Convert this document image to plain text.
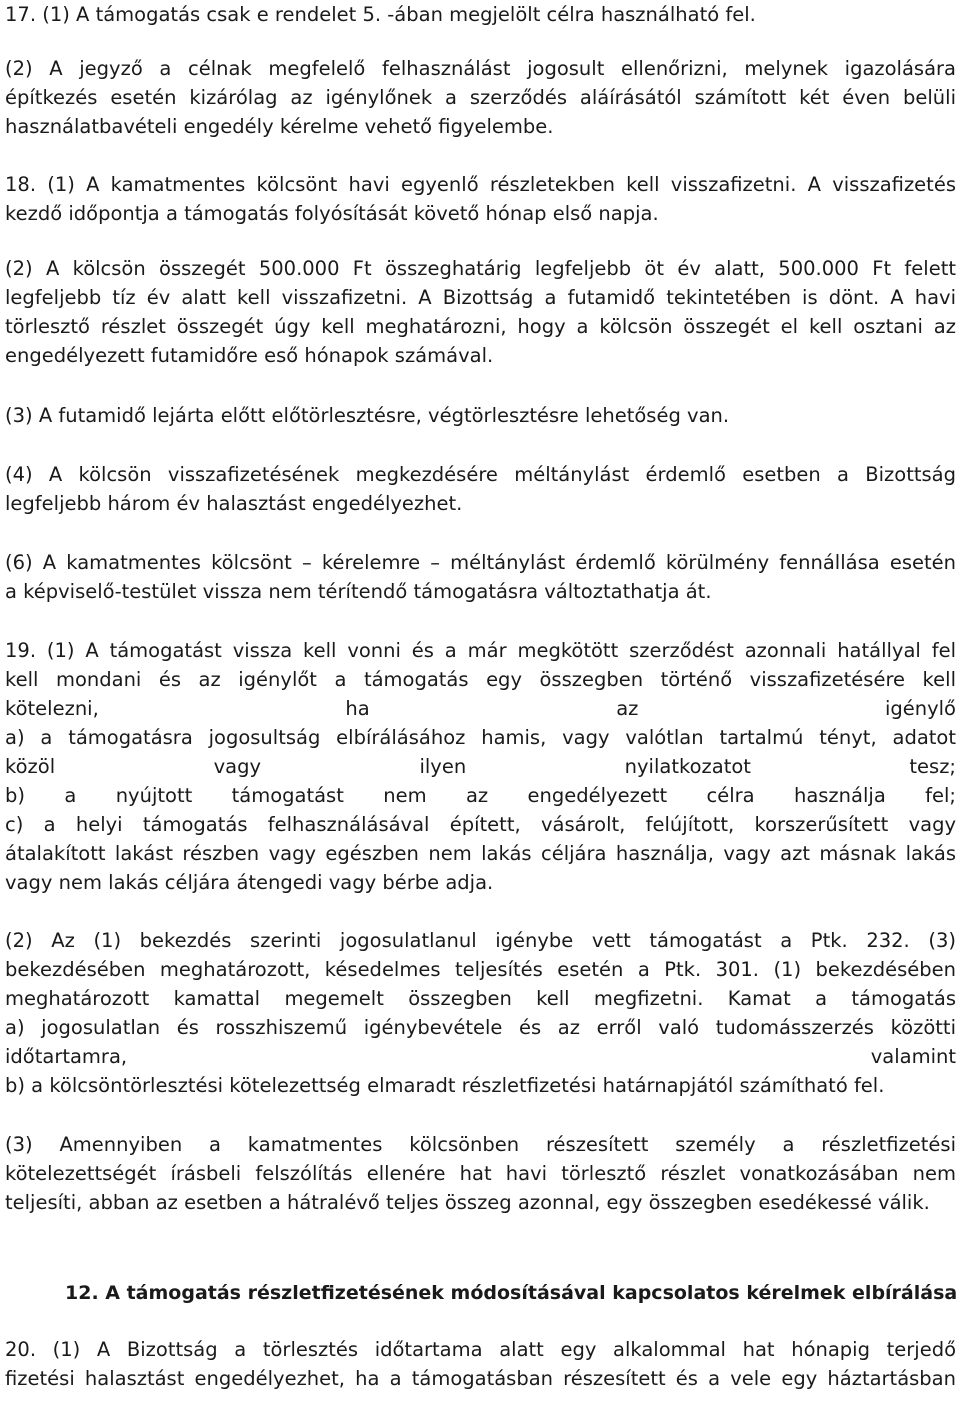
17. (1) A támogatás csak e rendelet 5. -ában megjelölt célra használható fel.
(2) A jegyző a célnak megfelelő felhasználást jogosult ellenőrizni, melynek igazolására
építkezés esetén kizárólag az igénylőnek a szerződés aláírásától számított két éven belüli
használatbavételi engedély kérelme vehető figyelembe.
18. (1) A kamatmentes kölcsönt havi egyenlő részletekben kell visszafizetni. A visszafizetés
kezdő időpontja a támogatás folyósítását követő hónap első napja.
(2) A kölcsön összegét 500.000 Ft összeghatárig legfeljebb öt év alatt, 500.000 Ft felett
legfeljebb tíz év alatt kell visszafizetni. A Bizottság a futamidő tekintetében is dönt. A havi
törlesztő részlet összegét úgy kell meghatározni, hogy a kölcsön összegét el kell osztani az
engedélyezett futamidőre eső hónapok számával.
(3) A futamidő lejárta előtt előtörlesztésre, végtörlesztésre lehetőség van.
(4) A kölcsön visszafizetésének megkezdésére méltánylást érdemlő esetben a Bizottság
legfeljebb három év halasztást engedélyezhet.
(6) A kamatmentes kölcsönt – kérelemre – méltánylást érdemlő körülmény fennállása esetén
a képviselő-testület vissza nem térítendő támogatásra változtathatja át.
19. (1) A támogatást vissza kell vonni és a már megkötött szerződést azonnali hatállyal fel
kell mondani és az igénylőt a támogatás egy összegben történő visszafizetésére kell
kötelezni, ha az igénylő
a) a támogatásra jogosultság elbírálásához hamis, vagy valótlan tartalmú tényt, adatot
közöl vagy ilyen nyilatkozatot tesz;
b) a nyújtott támogatást nem az engedélyezett célra használja fel;
c) a helyi támogatás felhasználásával épített, vásárolt, felújított, korszerűsített vagy
átalakított lakást részben vagy egészben nem lakás céljára használja, vagy azt másnak lakás
vagy nem lakás céljára átengedi vagy bérbe adja.
(2) Az (1) bekezdés szerinti jogosulatlanul igénybe vett támogatást a Ptk. 232. (3)
bekezdésében meghatározott, késedelmes teljesítés esetén a Ptk. 301. (1) bekezdésében
meghatározott kamattal megemelt összegben kell megfizetni. Kamat a támogatás
a) jogosulatlan és rosszhiszemű igénybevétele és az erről való tudomásszerzés közötti
időtartamra, valamint
b) a kölcsöntörlesztési kötelezettség elmaradt részletfizetési határnapjától számítható fel.
(3) Amennyiben a kamatmentes kölcsönben részesített személy a részletfizetési
kötelezettségét írásbeli felszólítás ellenére hat havi törlesztő részlet vonatkozásában nem
teljesíti, abban az esetben a hátralévő teljes összeg azonnal, egy összegben esedékessé válik.
20. (1) A Bizottság a törlesztés időtartama alatt egy alkalommal hat hónapig terjedő
fizetési halasztást engedélyezhet, ha a támogatásban részesített és a vele egy háztartásban
12. A támogatás részletfizetésének módosításával kapcsolatos kérelmek elbírálása
